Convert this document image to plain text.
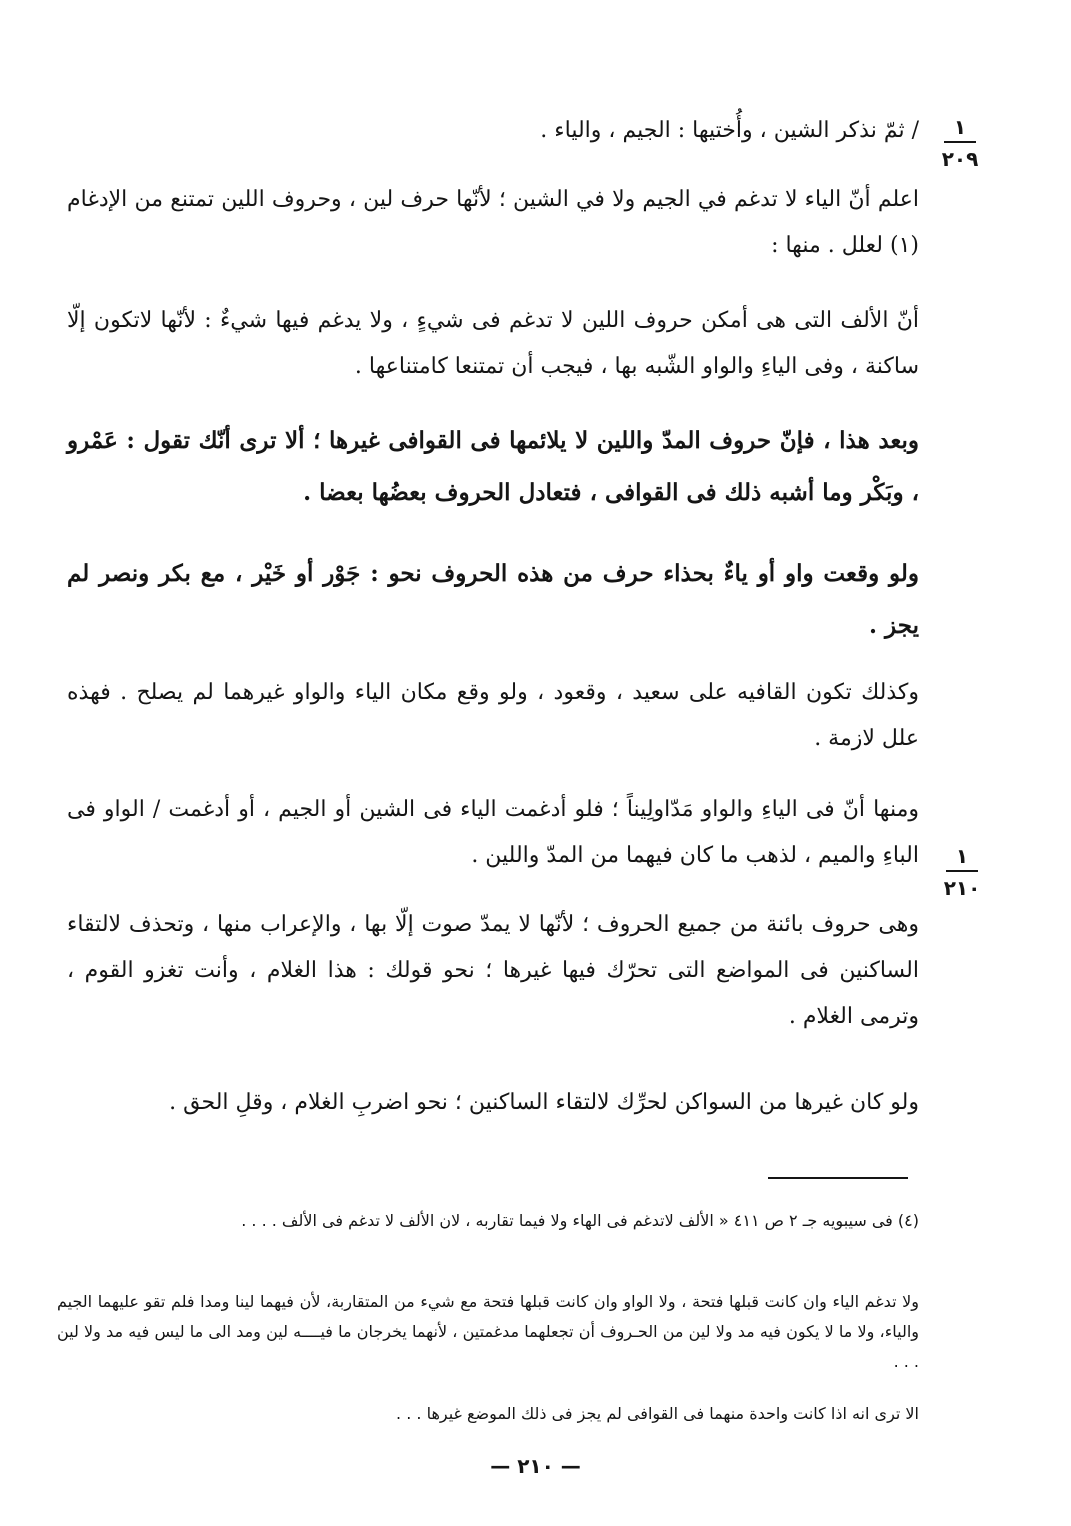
١
٢٠٩
١
٢١٠

/ ثمّ نذكر الشين ، وأُختيها : الجيم ، والياء .

اعلم أنّ الياء لا تدغم في الجيم ولا في الشين ؛ لأنّها حرف لين ، وحروف اللين تمتنع من الإدغام (١) لعلل . منها :

أنّ الألف التى هى أمكن حروف اللين لا تدغم فى شيءٍ ، ولا يدغم فيها شيءٌ : لأنّها لاتكون إلّا ساكنة ، وفى الياءِ والواو الشّبه بها ، فيجب أن تمتنعا كامتناعها .

وبعد هذا ، فإنّ حروف المدّ واللين لا يلائمها فى القوافى غيرها ؛ ألا ترى أنّك تقول : عَمْرو ، وبَكْر وما أشبه ذلك فى القوافى ، فتعادل الحروف بعضُها بعضا .

ولو وقعت واو أو ياءٌ بحذاء حرف من هذه الحروف نحو : جَوْر أو خَيْر ، مع بكر ونصر لم يجز .

وكذلك تكون القافيه على سعيد ، وقعود ، ولو وقع مكان الياء والواو غيرهما لم يصلح . فهذه علل لازمة .

ومنها أنّ فى الياءِ والواو مَدّاولِيناً ؛ فلو أدغمت الياء فى الشين أو الجيم ، أو أدغمت / الواو فى الباءِ والميم ، لذهب ما كان فيهما من المدّ واللين .

وهى حروف بائنة من جميع الحروف ؛ لأنّها لا يمدّ صوت إلّا بها ، والإعراب منها ، وتحذف لالتقاء الساكنين فى المواضع التى تحرّك فيها غيرها ؛ نحو قولك : هذا الغلام ، وأنت تغزو القوم ، وترمى الغلام .

ولو كان غيرها من السواكن لحرِّك لالتقاء الساكنين ؛ نحو اضربِ الغلام ، وقلِ الحق .

(٤) فى سيبويه جـ ٢ ص ٤١١ « الألف لاتدغم فى الهاء ولا فيما تقاربه ، لان الألف لا تدغم فى الألف . . . .

ولا تدغم الياء وان كانت قبلها فتحة ، ولا الواو وان كانت قبلها فتحة مع شيء من المتقاربة، لأن فيهما لينا ومدا فلم تقو عليهما الجيم والياء، ولا ما لا يكون فيه مد ولا لين من الحـروف أن تجعلهما مدغمتين ، لأنهما يخرجان ما فيــــه لين ومد الى ما ليس فيه مد ولا لين . . .

الا ترى انه اذا كانت واحدة منهما فى القوافى لم يجز فى ذلك الموضع غيرها . . .

— ٢١٠ —
